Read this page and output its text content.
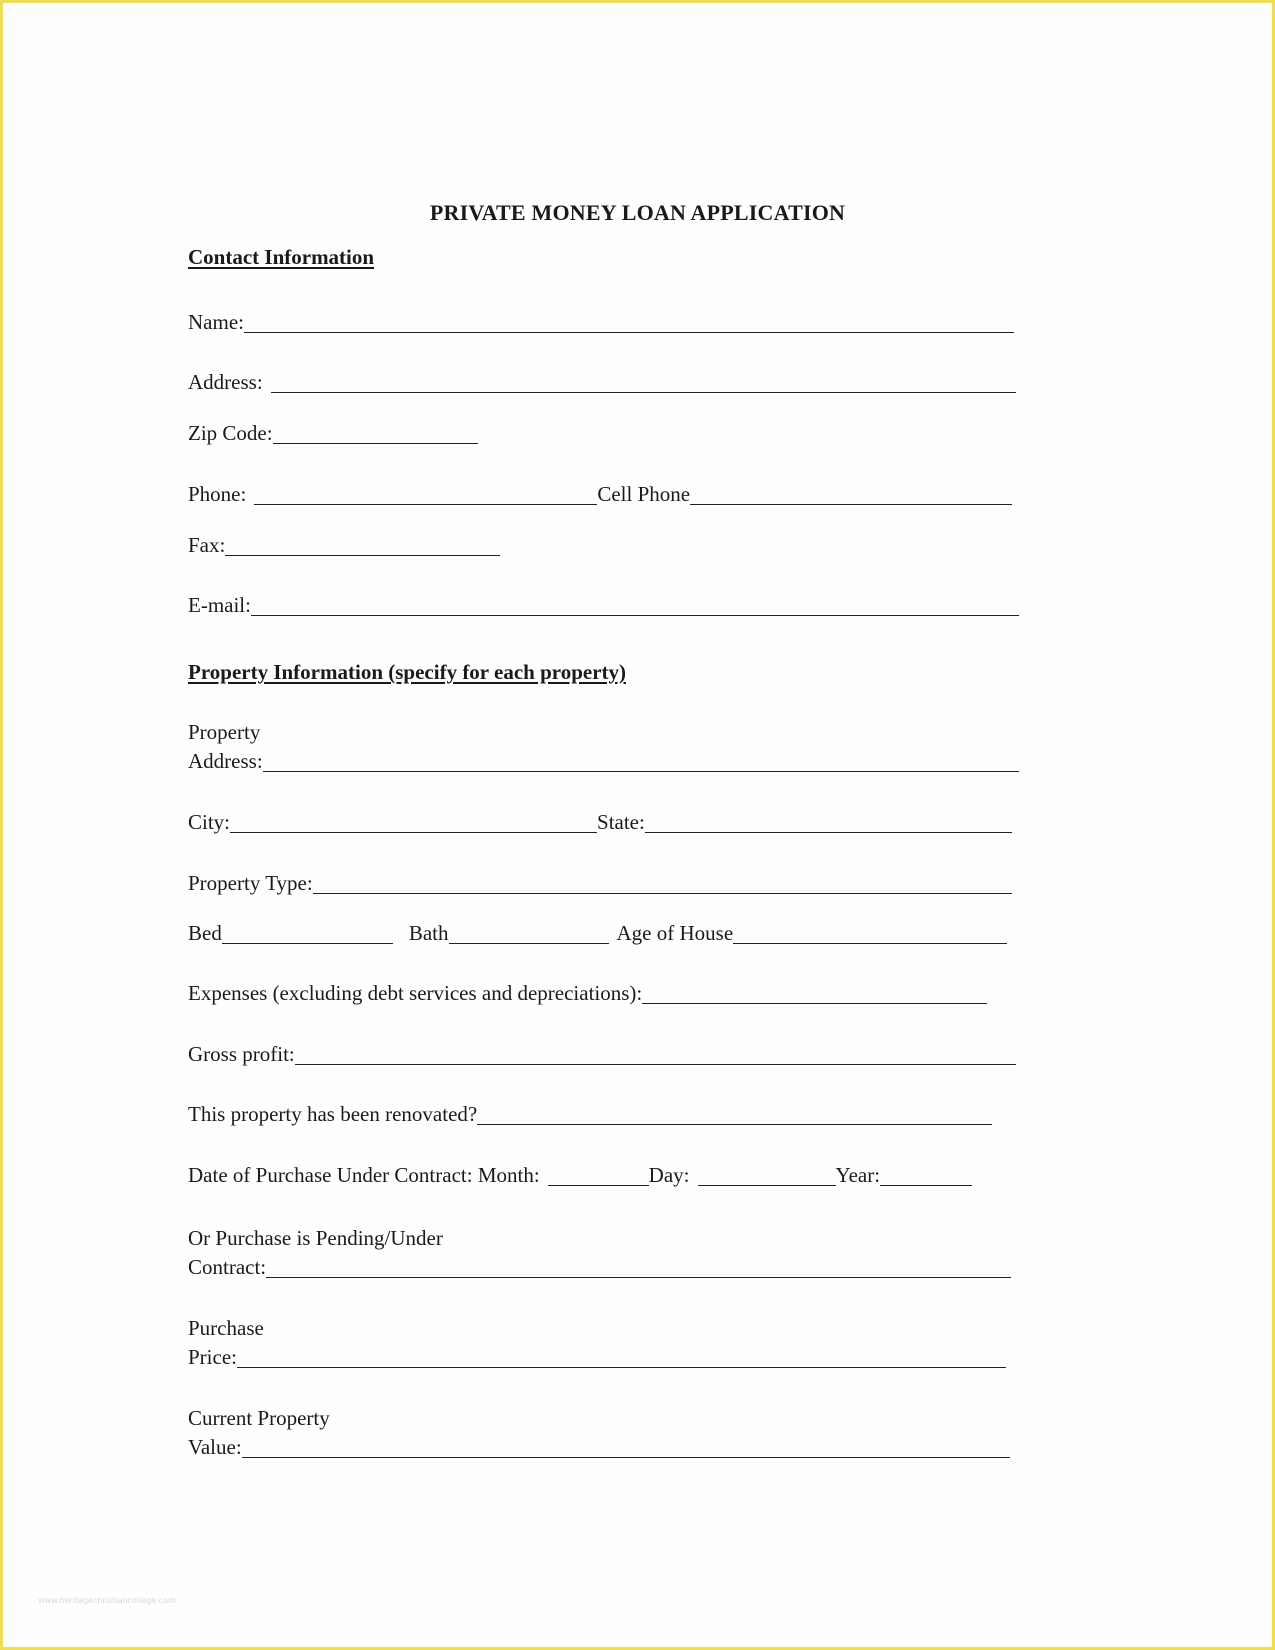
PRIVATE MONEY LOAN APPLICATION
Contact Information
Name:
Address:
Zip Code:
Phone:	Cell Phone
Fax:
E-mail:
Property Information (specify for each property)
Property
Address:
City:	State:
Property Type:
Bed	Bath	Age of House
Expenses (excluding debt services and depreciations):
Gross profit:
This property has been renovated?
Date of Purchase Under Contract: Month:	Day:	Year:
Or Purchase is Pending/Under
Contract:
Purchase
Price:
Current Property
Value:
www.heritagechristiancollege.com
